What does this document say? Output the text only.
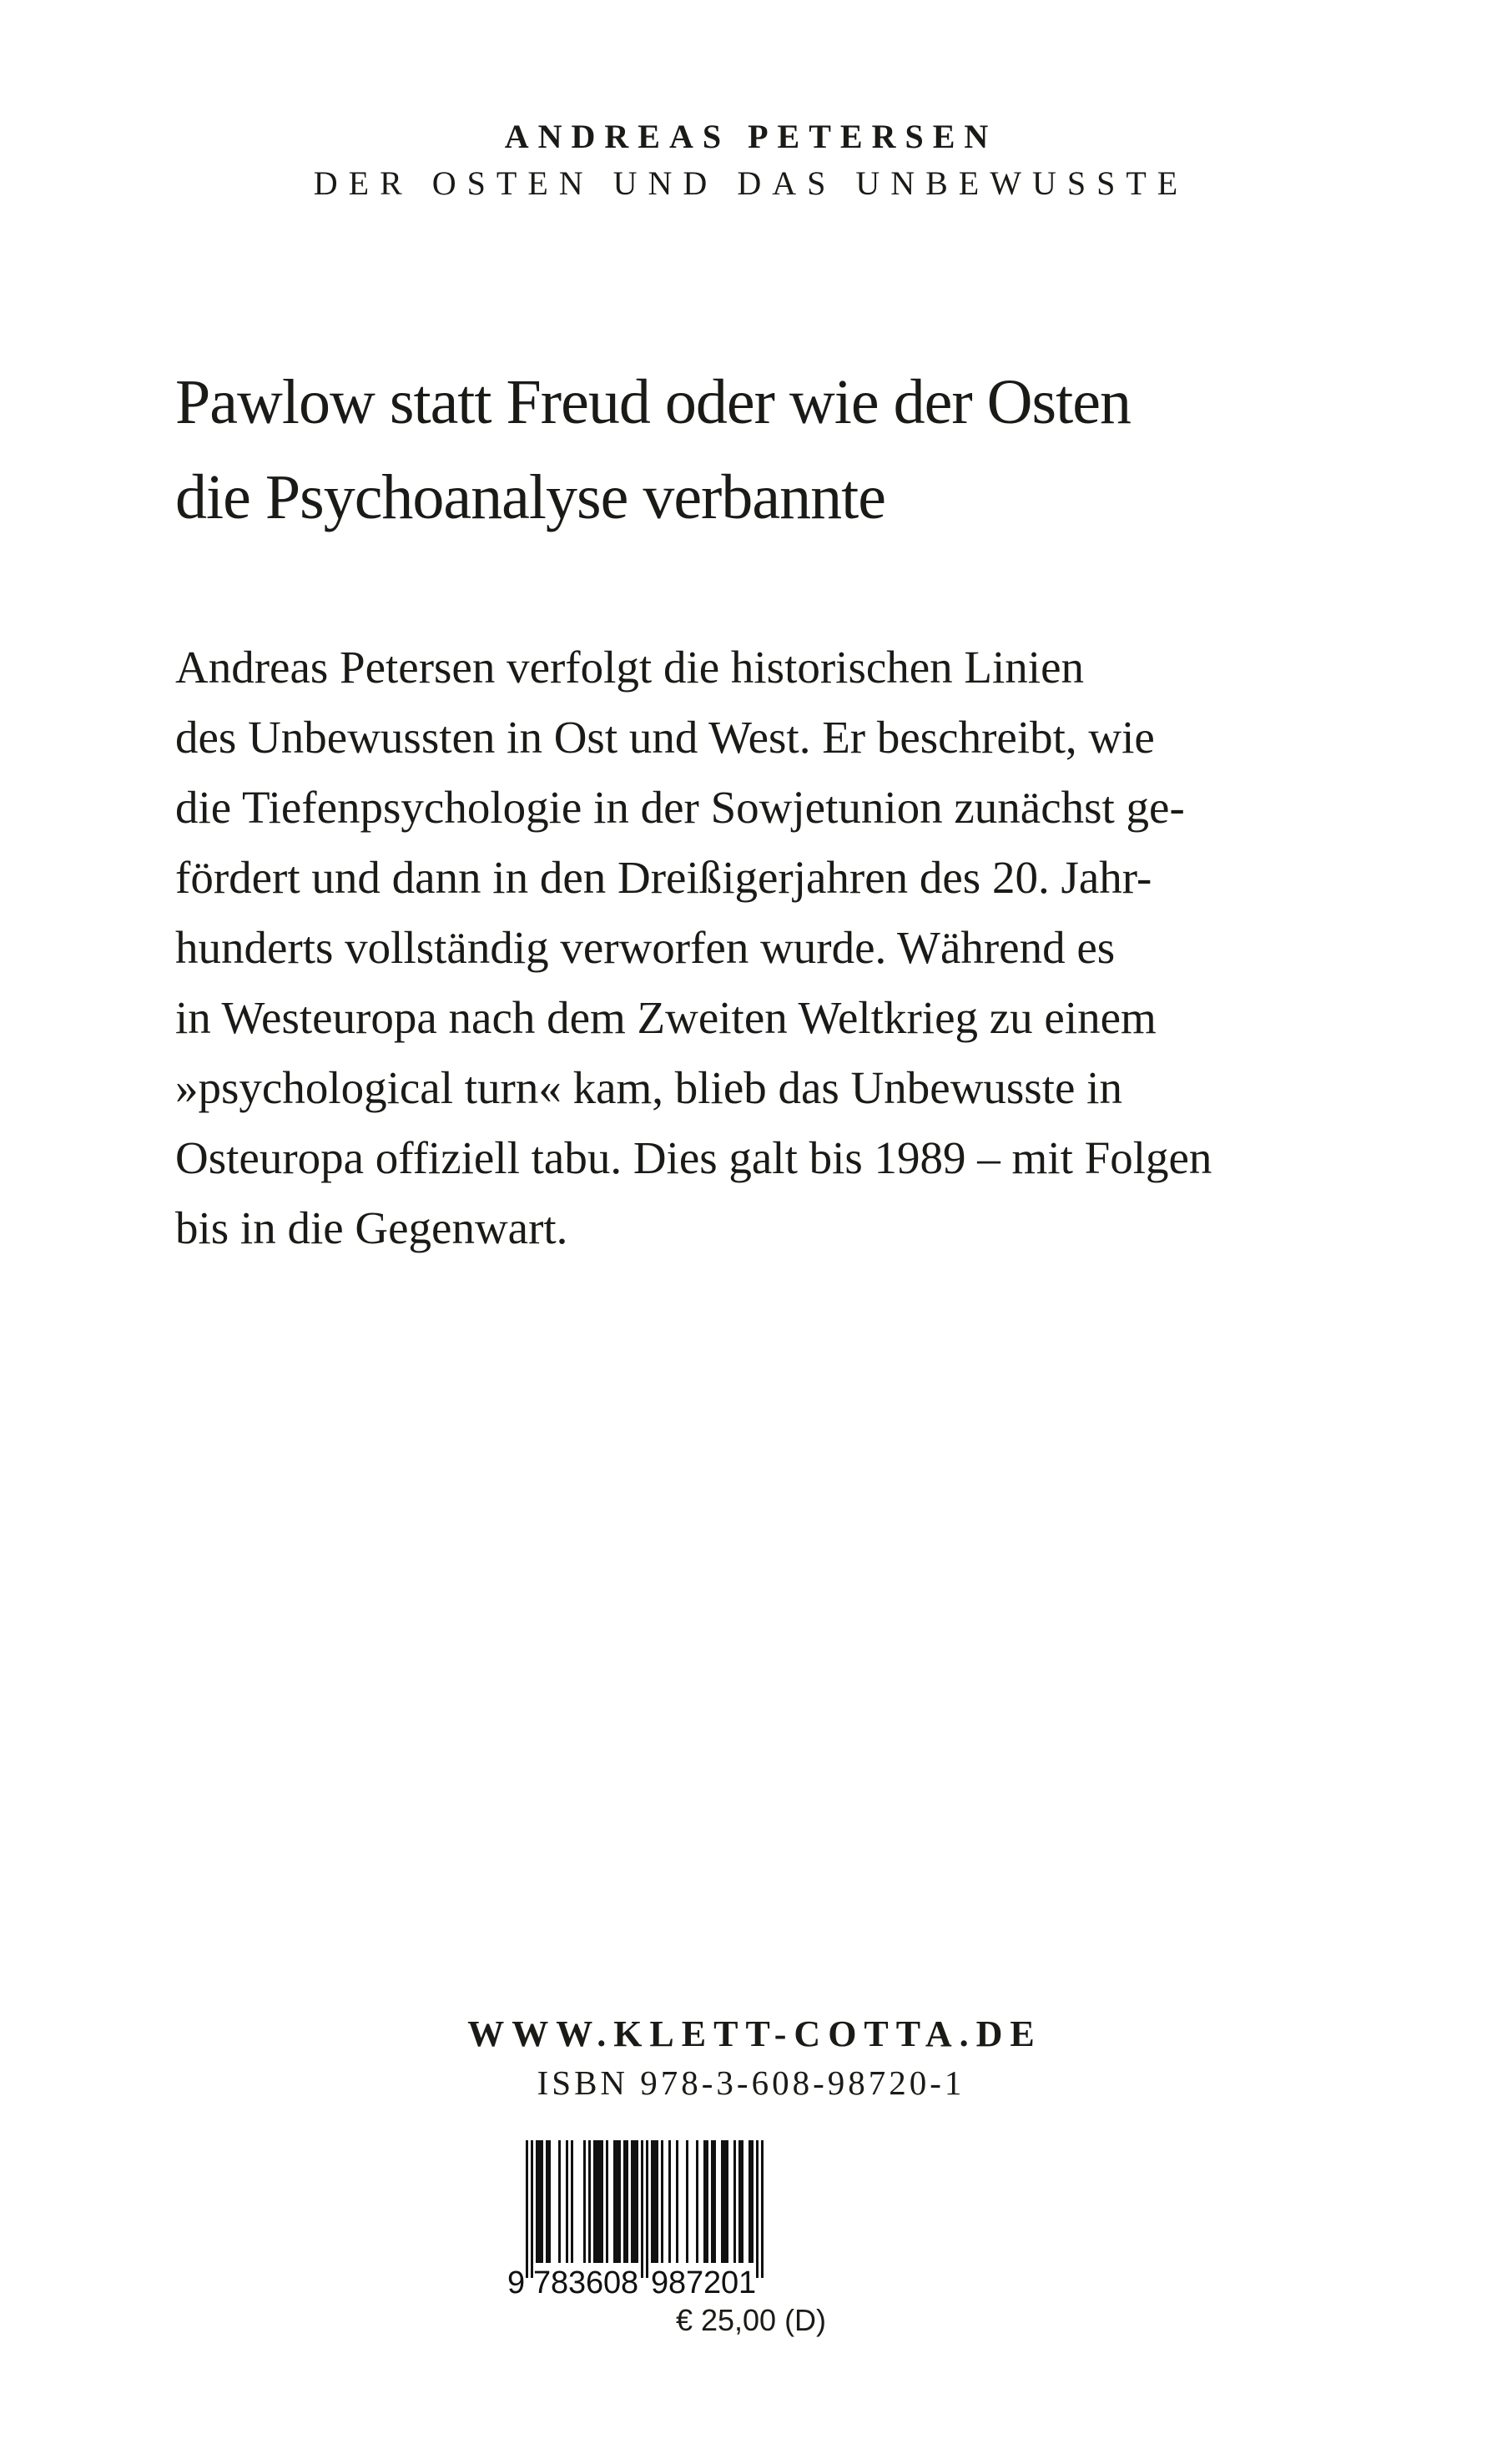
ANDREAS PETERSEN
DER OSTEN UND DAS UNBEWUSSTE
Pawlow statt Freud oder wie der Osten
die Psychoanalyse verbannte
Andreas Petersen verfolgt die historischen Linien
des Unbewussten in Ost und West. Er beschreibt, wie
die Tiefenpsychologie in der Sowjetunion zunächst ge-
fördert und dann in den Dreißigerjahren des 20. Jahr-
hunderts vollständig verworfen wurde. Während es
in Westeuropa nach dem Zweiten Weltkrieg zu einem
»psychological turn« kam, blieb das Unbewusste in
Osteuropa offiziell tabu. Dies galt bis 1989 – mit Folgen
bis in die Gegenwart.
WWW.KLETT-COTTA.DE
ISBN 978-3-608-98720-1
9 7 8 3 6 0 8 9 8 7 2 0 1
€ 25,00 (D)
